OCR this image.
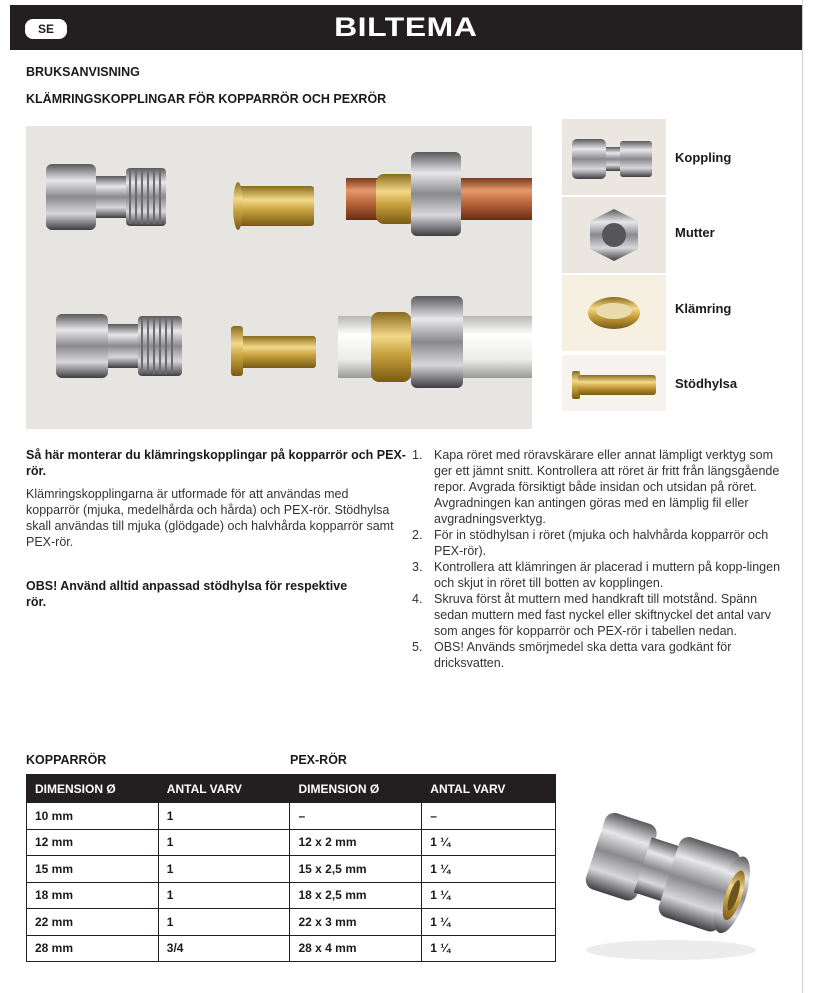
SE	BILTEMA
BRUKSANVISNING
KLÄMRINGSKOPPLINGAR FÖR KOPPARRÖR OCH PEXRÖR
Koppling
Mutter
Klämring
Stödhylsa
Så här monterar du klämringskopplingar på kopparrör och PEX-rör.
Klämringskopplingarna är utformade för att användas med kopparrör (mjuka, medelhårda och hårda) och PEX-rör. Stödhylsa skall användas till mjuka (glödgade) och halvhårda kopparrör samt PEX-rör.
OBS! Använd alltid anpassad stödhylsa för respektive rör.
1. Kapa röret med röravskärare eller annat lämpligt verktyg som ger ett jämnt snitt. Kontrollera att röret är fritt från längsgående repor. Avgrada försiktigt både insidan och utsidan på röret. Avgradningen kan antingen göras med en lämplig fil eller avgradningsverktyg.
2. För in stödhylsan i röret (mjuka och halvhårda kopparrör och PEX-rör).
3. Kontrollera att klämringen är placerad i muttern på kopp-lingen och skjut in röret till botten av kopplingen.
4. Skruva först åt muttern med handkraft till motstånd. Spänn sedan muttern med fast nyckel eller skiftnyckel det antal varv som anges för kopparrör och PEX-rör i tabellen nedan.
5. OBS! Används smörjmedel ska detta vara godkänt för dricksvatten.
KOPPARRÖR	PEX-RÖR
DIMENSION Ø	ANTAL VARV	DIMENSION Ø	ANTAL VARV
10 mm	1	–	–
12 mm	1	12 x 2 mm	1 ¼
15 mm	1	15 x 2,5 mm	1 ¼
18 mm	1	18 x 2,5 mm	1 ¼
22 mm	1	22 x 3 mm	1 ¼
28 mm	3/4	28 x 4 mm	1 ¼
